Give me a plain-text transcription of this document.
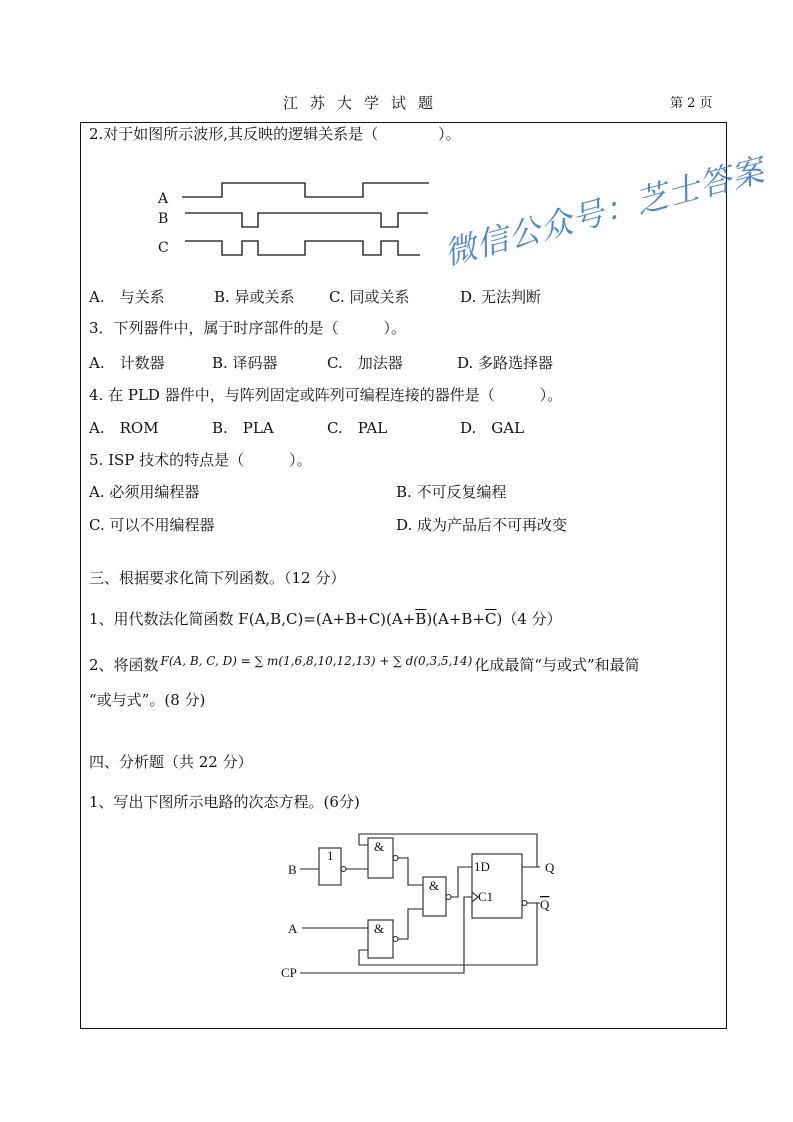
江苏大学试题	第 2 页
2.对于如图所示波形,其反映的逻辑关系是（　　　　）。
A
B
C
A.　与关系	B. 异或关系 C. 同或关系	D. 无法判断
3．下列器件中，属于时序部件的是（　　　）。
A.　计数器	B. 译码器	C.　加法器	D. 多路选择器
4. 在 PLD 器件中，与阵列固定或阵列可编程连接的器件是（　　　）。
A.　ROM	B.　PLA	C.　PAL	D.　GAL
5. ISP 技术的特点是（　　　）。
A. 必须用编程器	B. 不可反复编程
C. 可以不用编程器	D. 成为产品后不可再改变
三、根据要求化简下列函数。（12 分）
1、用代数法化简函数 $F(A,B,C)=(A+B+C)(A+\overline{B})(A+B+\overline{C})(4$ 分）
2、将函数 $^{F(A, B, C, D) = \sum m(1,6,8,10,12,13) + \sum d(0,3,5,14)}$ 化成最简“与或式”和最简
“或与式”。(8 分)
四、分析题（共 22 分）
1、写出下图所示电路的次态方程。(6分)
B
A
CP
1
&
&
&
1D
C1
Q
Q
微信公众号：芝士答案
